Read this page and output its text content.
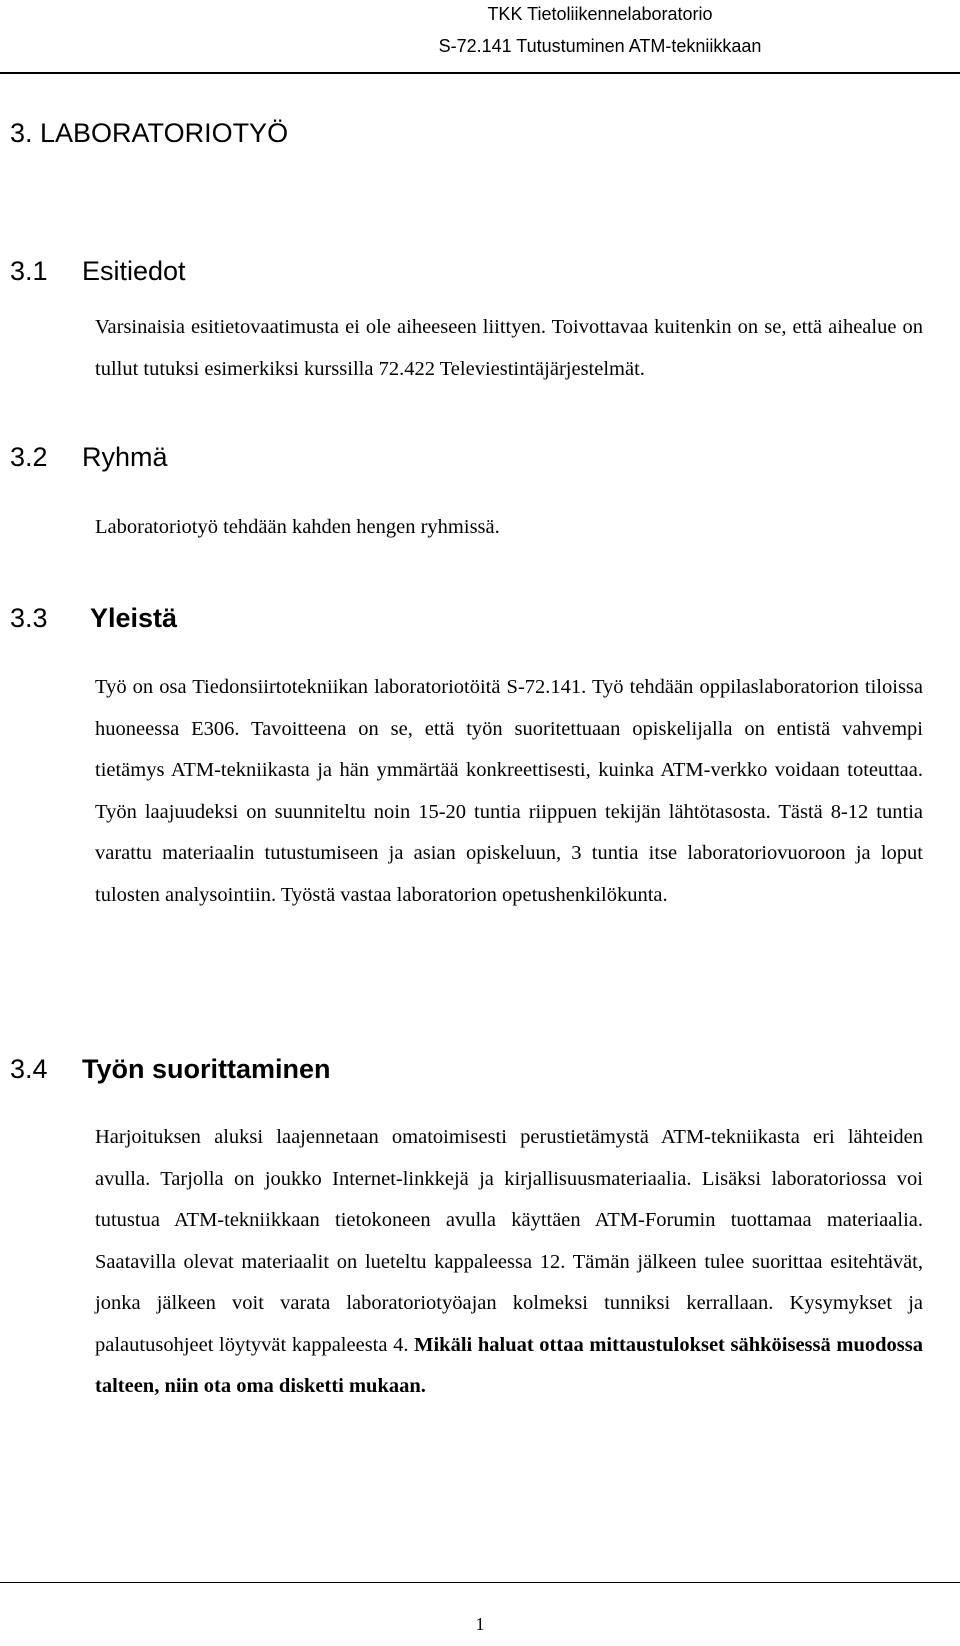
TKK Tietoliikennelaboratorio
S-72.141 Tutustuminen ATM-tekniikkaan
3. LABORATORIOTYÖ
3.1 Esitiedot
Varsinaisia esitietovaatimusta ei ole aiheeseen liittyen. Toivottavaa kuitenkin on se, että aihealue on tullut tutuksi esimerkiksi kurssilla 72.422 Televiestintäjärjestelmät.
3.2 Ryhmä
Laboratoriotyö tehdään kahden hengen ryhmissä.
3.3 Yleistä
Työ on osa Tiedonsiirtotekniikan laboratoriotöitä S-72.141. Työ tehdään oppilaslaboratorion tiloissa huoneessa E306. Tavoitteena on se, että työn suoritettuaan opiskelijalla on entistä vahvempi tietämys ATM-tekniikasta ja hän ymmärtää konkreettisesti, kuinka ATM-verkko voidaan toteuttaa. Työn laajuudeksi on suunniteltu noin 15-20 tuntia riippuen tekijän lähtötasosta. Tästä 8-12 tuntia varattu materiaalin tutustumiseen ja asian opiskeluun, 3 tuntia itse laboratoriovuoroon ja loput tulosten analysointiin. Työstä vastaa laboratorion opetushenkilökunta.
3.4 Työn suorittaminen
Harjoituksen aluksi laajennetaan omatoimisesti perustietämystä ATM-tekniikasta eri lähteiden avulla. Tarjolla on joukko Internet-linkkejä ja kirjallisuusmateriaalia. Lisäksi laboratoriossa voi tutustua ATM-tekniikkaan tietokoneen avulla käyttäen ATM-Forumin tuottamaa materiaalia. Saatavilla olevat materiaalit on lueteltu kappaleessa 12. Tämän jälkeen tulee suorittaa esitehtävät, jonka jälkeen voit varata laboratoriotyöajan kolmeksi tunniksi kerrallaan. Kysymykset ja palautusohjeet löytyvät kappaleesta 4. Mikäli haluat ottaa mittaustulokset sähköisessä muodossa talteen, niin ota oma disketti mukaan.
1
